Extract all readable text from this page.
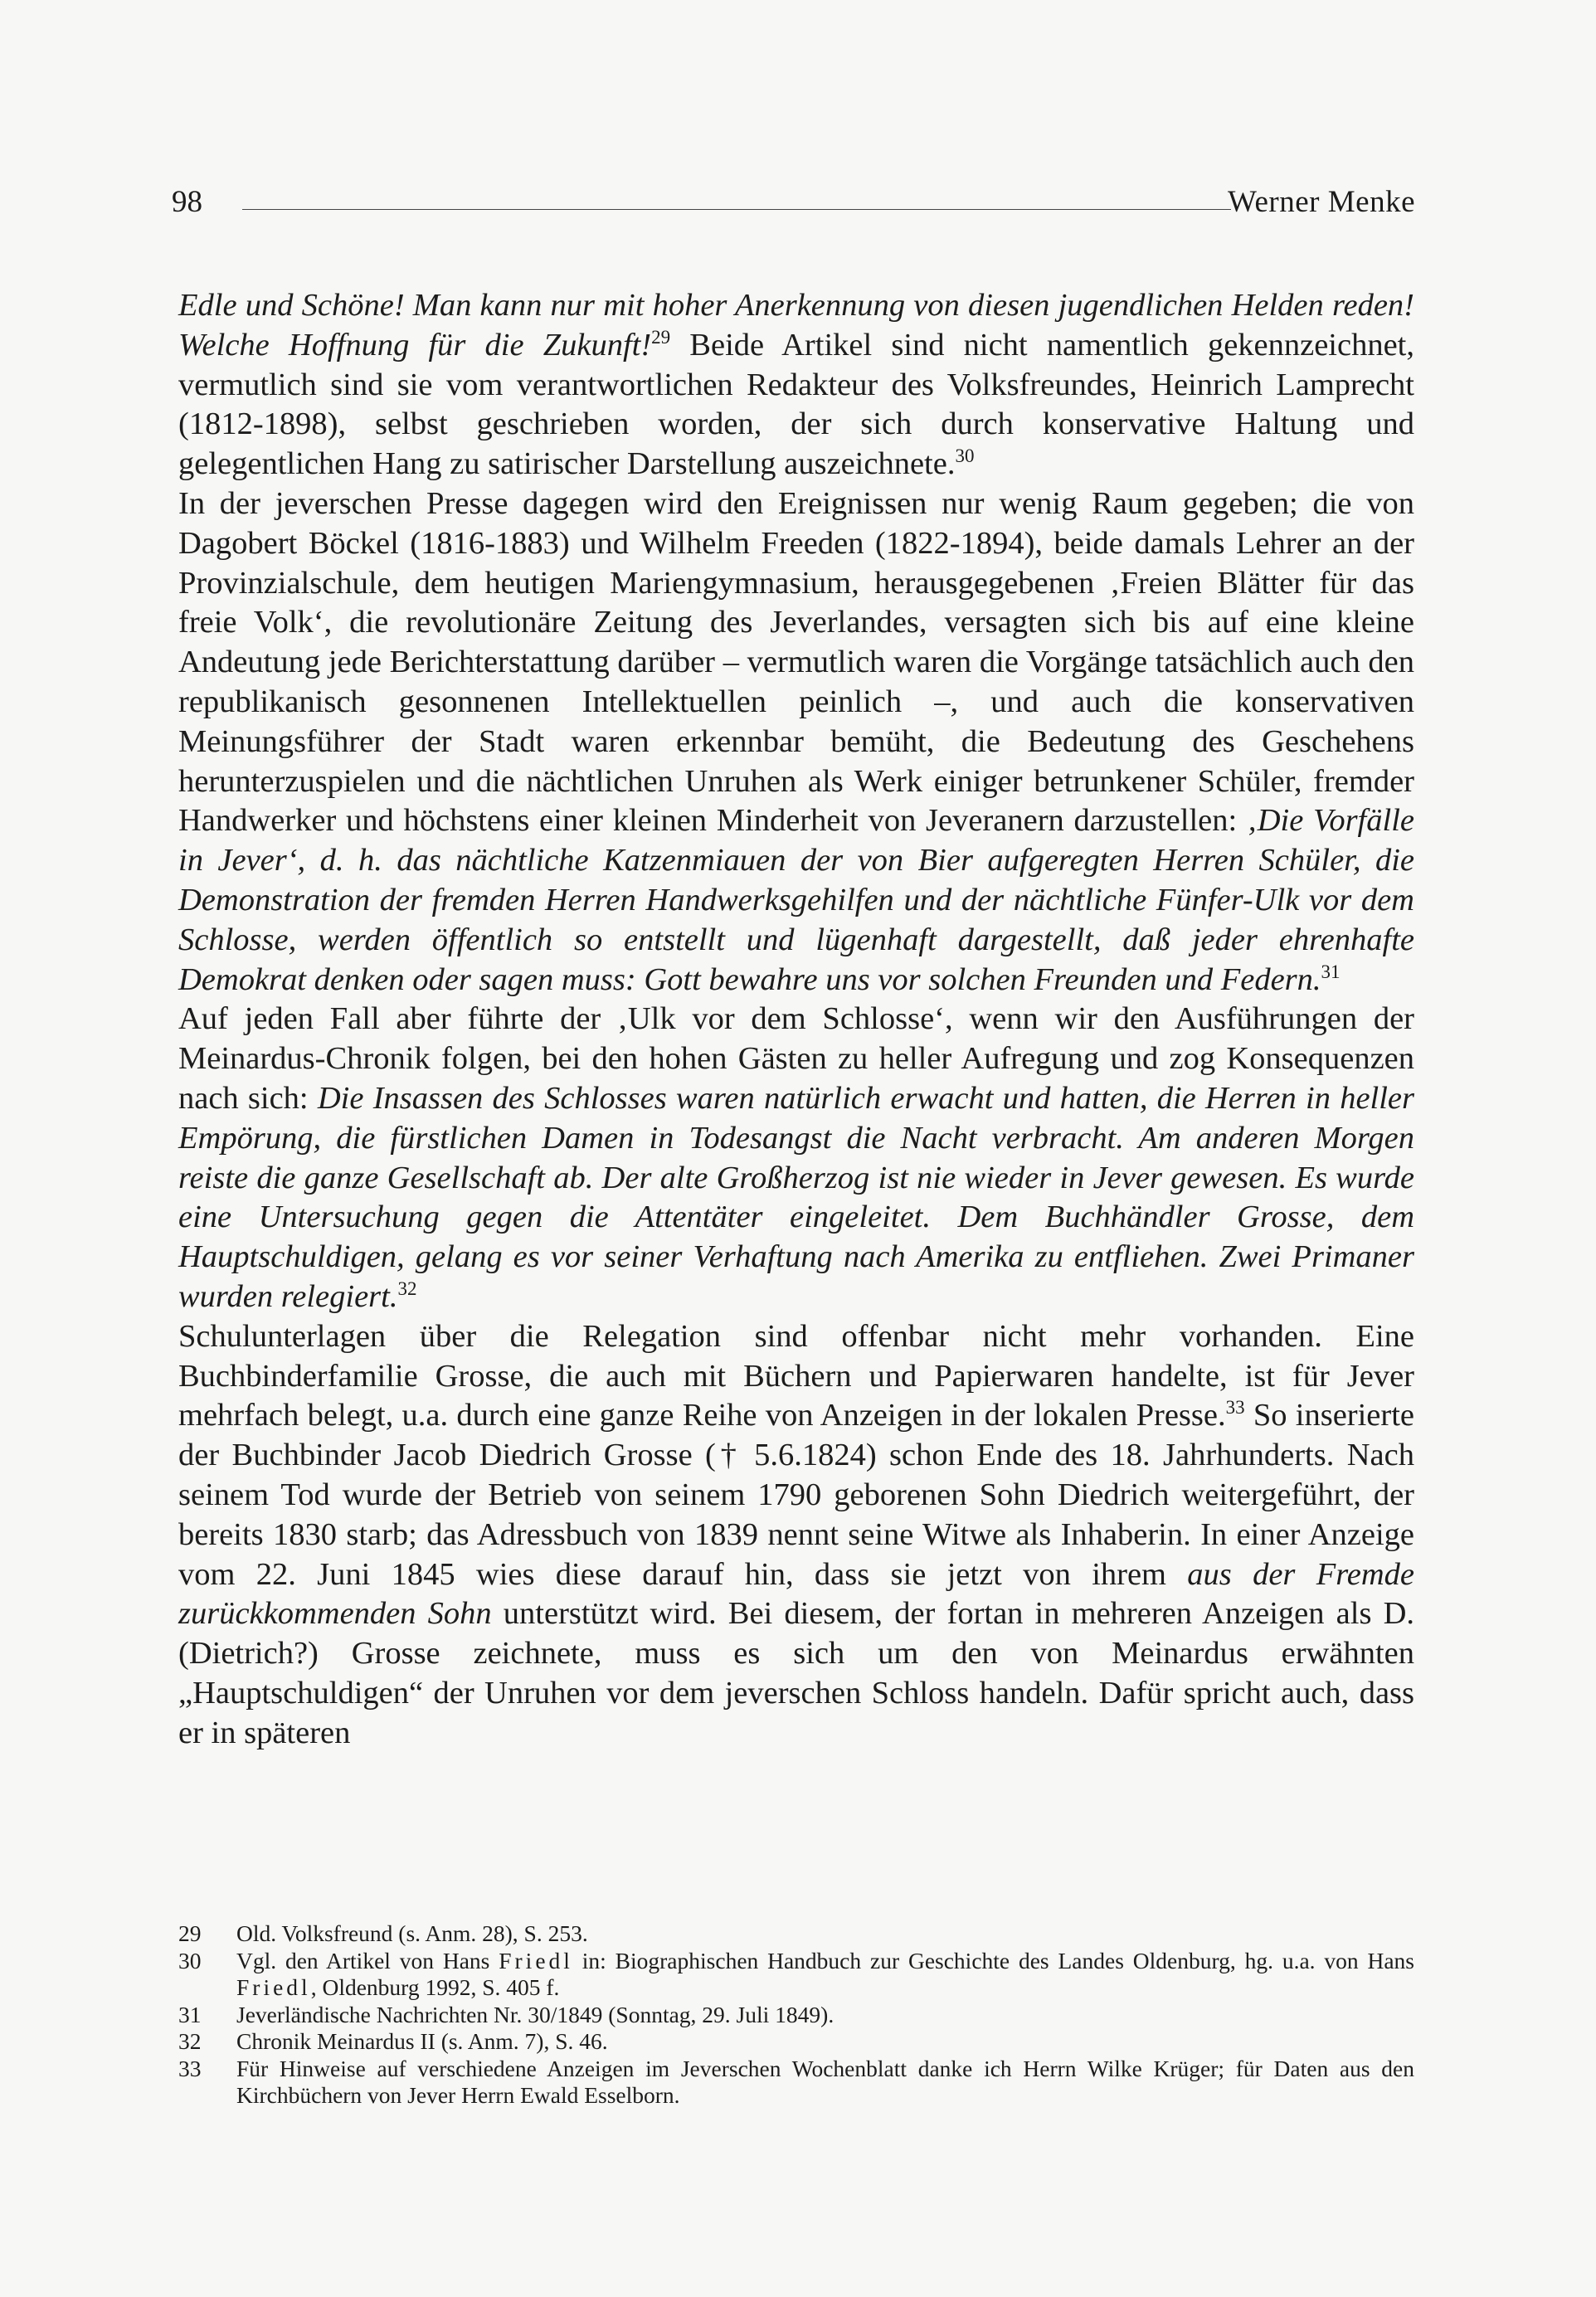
98	Werner Menke

Edle und Schöne! Man kann nur mit hoher Anerkennung von diesen jugendlichen Helden reden! Welche Hoffnung für die Zukunft!$^{29}$ Beide Artikel sind nicht namentlich gekennzeichnet, vermutlich sind sie vom verantwortlichen Redakteur des Volksfreundes, Heinrich Lamprecht (1812-1898), selbst geschrieben worden, der sich durch konservative Haltung und gelegentlichen Hang zu satirischer Darstellung auszeichnete.$^{30}$

In der jeverschen Presse dagegen wird den Ereignissen nur wenig Raum gegeben; die von Dagobert Böckel (1816-1883) und Wilhelm Freeden (1822-1894), beide damals Lehrer an der Provinzialschule, dem heutigen Mariengymnasium, herausgegebenen ‚Freien Blätter für das freie Volk‘, die revolutionäre Zeitung des Jeverlandes, versagten sich bis auf eine kleine Andeutung jede Berichterstattung darüber – vermutlich waren die Vorgänge tatsächlich auch den republikanisch gesonnenen Intellektuellen peinlich –, und auch die konservativen Meinungsführer der Stadt waren erkennbar bemüht, die Bedeutung des Geschehens herunterzuspielen und die nächtlichen Unruhen als Werk einiger betrunkener Schüler, fremder Handwerker und höchstens einer kleinen Minderheit von Jeveranern darzustellen: ‚Die Vorfälle in Jever‘, d. h. das nächtliche Katzenmiauen der von Bier aufgeregten Herren Schüler, die Demonstration der fremden Herren Handwerksgehilfen und der nächtliche Fünfer-Ulk vor dem Schlosse, werden öffentlich so entstellt und lügenhaft dargestellt, daß jeder ehrenhafte Demokrat denken oder sagen muss: Gott bewahre uns vor solchen Freunden und Federn.$^{31}$

Auf jeden Fall aber führte der ‚Ulk vor dem Schlosse‘, wenn wir den Ausführungen der Meinardus-Chronik folgen, bei den hohen Gästen zu heller Aufregung und zog Konsequenzen nach sich: Die Insassen des Schlosses waren natürlich erwacht und hatten, die Herren in heller Empörung, die fürstlichen Damen in Todesangst die Nacht verbracht. Am anderen Morgen reiste die ganze Gesellschaft ab. Der alte Großherzog ist nie wieder in Jever gewesen. Es wurde eine Untersuchung gegen die Attentäter eingeleitet. Dem Buchhändler Grosse, dem Hauptschuldigen, gelang es vor seiner Verhaftung nach Amerika zu entfliehen. Zwei Primaner wurden relegiert.$^{32}$

Schulunterlagen über die Relegation sind offenbar nicht mehr vorhanden. Eine Buchbinderfamilie Grosse, die auch mit Büchern und Papierwaren handelte, ist für Jever mehrfach belegt, u.a. durch eine ganze Reihe von Anzeigen in der lokalen Presse.$^{33}$ So inserierte der Buchbinder Jacob Diedrich Grosse († 5.6.1824) schon Ende des 18. Jahrhunderts. Nach seinem Tod wurde der Betrieb von seinem 1790 geborenen Sohn Diedrich weitergeführt, der bereits 1830 starb; das Adressbuch von 1839 nennt seine Witwe als Inhaberin. In einer Anzeige vom 22. Juni 1845 wies diese darauf hin, dass sie jetzt von ihrem aus der Fremde zurückkommenden Sohn unterstützt wird. Bei diesem, der fortan in mehreren Anzeigen als D. (Dietrich?) Grosse zeichnete, muss es sich um den von Meinardus erwähnten „Hauptschuldigen“ der Unruhen vor dem jeverschen Schloss handeln. Dafür spricht auch, dass er in späteren

29	Old. Volksfreund (s. Anm. 28), S. 253.
30	Vgl. den Artikel von Hans Friedl in: Biographischen Handbuch zur Geschichte des Landes Oldenburg, hg. u.a. von Hans Friedl, Oldenburg 1992, S. 405 f.
31	Jeverländische Nachrichten Nr. 30/1849 (Sonntag, 29. Juli 1849).
32	Chronik Meinardus II (s. Anm. 7), S. 46.
33	Für Hinweise auf verschiedene Anzeigen im Jeverschen Wochenblatt danke ich Herrn Wilke Krüger; für Daten aus den Kirchbüchern von Jever Herrn Ewald Esselborn.
